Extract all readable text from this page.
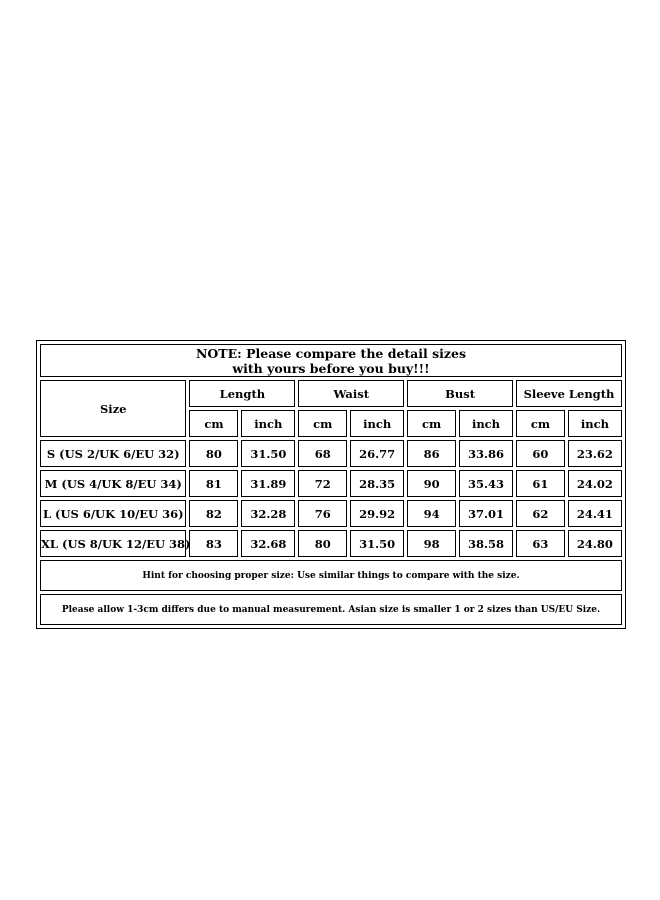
NOTE: Please compare the detail sizes
with yours before you buy!!!								

Size	Length		Waist		Bust		Sleeve Length	
	cm	inch	cm	inch	cm	inch	cm	inch
S (US 2/UK 6/EU 32)	80	31.50	68	26.77	86	33.86	60	23.62
M (US 4/UK 8/EU 34)	81	31.89	72	28.35	90	35.43	61	24.02
L (US 6/UK 10/EU 36)	82	32.28	76	29.92	94	37.01	62	24.41
XL (US 8/UK 12/EU 38)	83	32.68	80	31.50	98	38.58	63	24.80
Hint for choosing proper size: Use similar things to compare with the size.								
Please allow 1-3cm differs due to manual measurement. Asian size is smaller 1 or 2 sizes than US/EU Size.								
